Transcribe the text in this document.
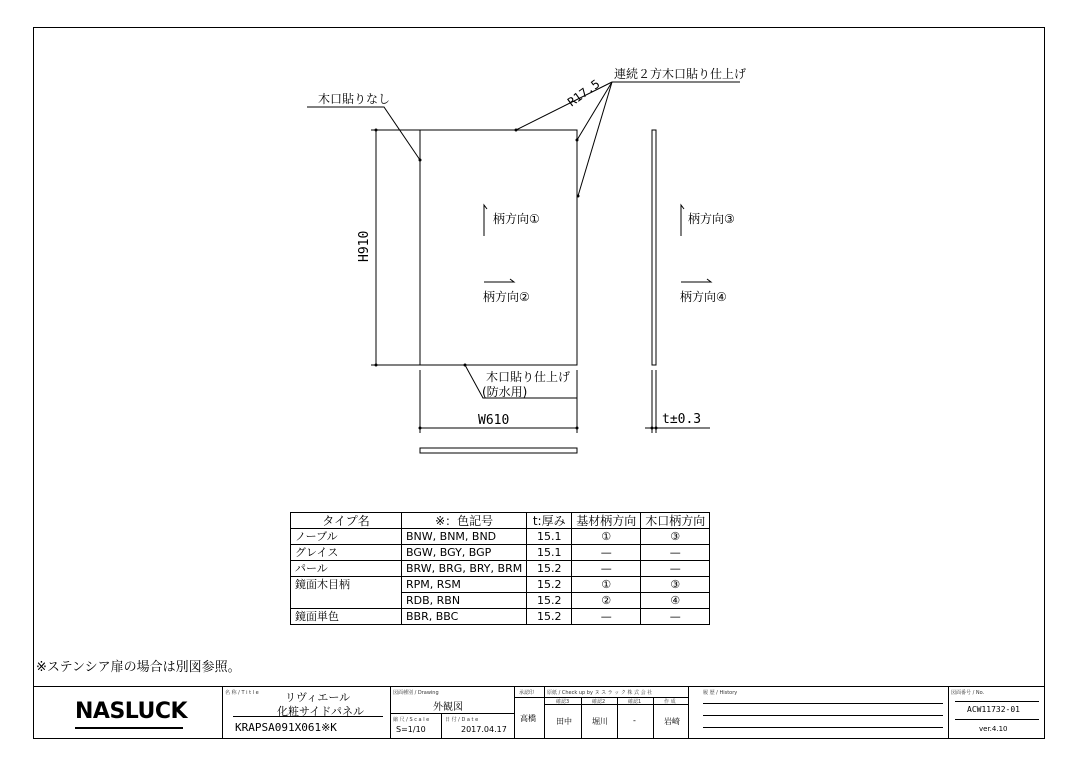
木口貼りなし
連続２方木口貼り仕上げ
R17.5
木口貼り仕上げ
(防水用)
H910
W610	t±0.3
柄方向①
柄方向②
柄方向③
柄方向④
タイプ名	※：色記号	t:厚み	基材柄方向	木口柄方向
ノーブル	BNW, BNM, BND	15.1	①	③
グレイス	BGW, BGY, BGP	15.1	—	—
パール	BRW, BRG, BRY, BRM	15.2	—	—
鏡面木目柄	RPM, RSM	15.2	①	③
	RDB, RBN	15.2	②	④
鏡面単色	BBR, BBC	15.2	—	—
※ステンシア扉の場合は別図参照。
NASLUCK
名 称 / T i t l e リヴィエール
化粧サイドパネル
KRAPSA091X061※K
図面種別 / Drawing
外観図
縮 尺 / S c a l e
S=1/10
日 付 / D a t e
2017.04.17
承認印
高橋
原紙 / Check up by ヌ ス ラ ッ ク 株 式 会 社
確認3	確認2	確認1	作 成
田中	堀川	-	岩崎
履 歴 / History	図面番号 / No.
ACW11732-01
ver.4.10
